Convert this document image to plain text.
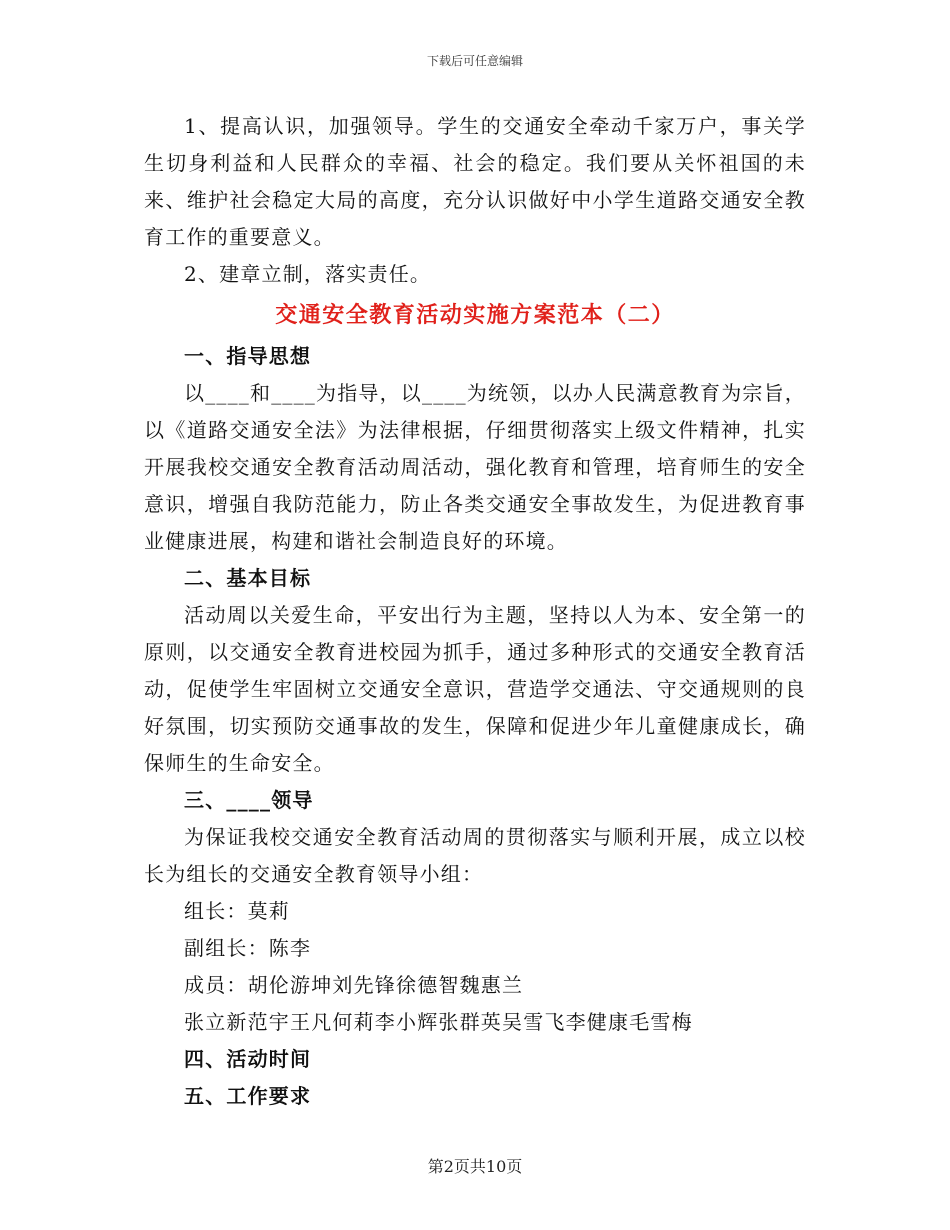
下载后可任意编辑

1、提高认识，加强领导。学生的交通安全牵动千家万户，事关学生切身利益和人民群众的幸福、社会的稳定。我们要从关怀祖国的未来、维护社会稳定大局的高度，充分认识做好中小学生道路交通安全教育工作的重要意义。

2、建章立制，落实责任。

交通安全教育活动实施方案范本（二）

一、指导思想

以____和____为指导，以____为统领，以办人民满意教育为宗旨，以《道路交通安全法》为法律根据，仔细贯彻落实上级文件精神，扎实开展我校交通安全教育活动周活动，强化教育和管理，培育师生的安全意识，增强自我防范能力，防止各类交通安全事故发生，为促进教育事业健康进展，构建和谐社会制造良好的环境。

二、基本目标

活动周以关爱生命，平安出行为主题，坚持以人为本、安全第一的原则，以交通安全教育进校园为抓手，通过多种形式的交通安全教育活动，促使学生牢固树立交通安全意识，营造学交通法、守交通规则的良好氛围，切实预防交通事故的发生，保障和促进少年儿童健康成长，确保师生的生命安全。

三、____领导

为保证我校交通安全教育活动周的贯彻落实与顺利开展，成立以校长为组长的交通安全教育领导小组：

组长：莫莉

副组长：陈李

成员：胡伦游坤刘先锋徐德智魏惠兰

张立新范宇王凡何莉李小辉张群英吴雪飞李健康毛雪梅

四、活动时间

五、工作要求

第2页共10页
